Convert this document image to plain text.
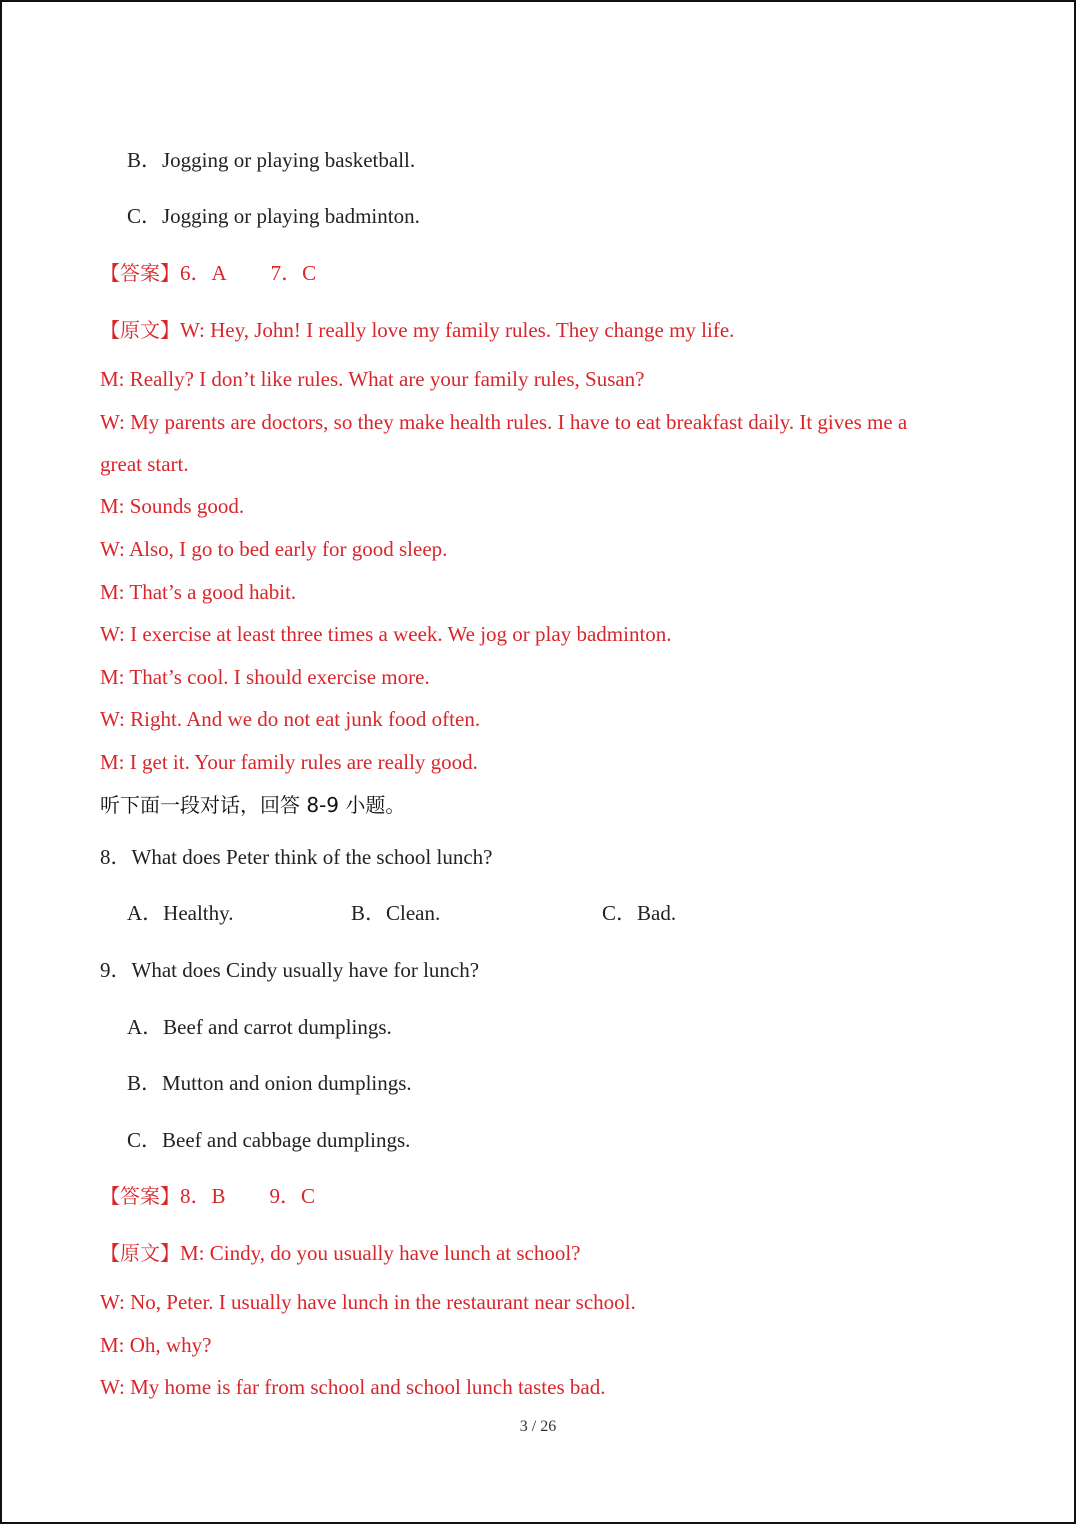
B．Jogging or playing basketball.
C．Jogging or playing badminton.
【答案】6．A 7．C
【原文】W: Hey, John! I really love my family rules. They change my life.
M: Really? I don’t like rules. What are your family rules, Susan?
W: My parents are doctors, so they make health rules. I have to eat breakfast daily. It gives me a
great start.
M: Sounds good.
W: Also, I go to bed early for good sleep.
M: That’s a good habit.
W: I exercise at least three times a week. We jog or play badminton.
M: That’s cool. I should exercise more.
W: Right. And we do not eat junk food often.
M: I get it. Your family rules are really good.
听下面一段对话，回答 8-9 小题。
8．What does Peter think of the school lunch?
A．Healthy.	B．Clean.	C．Bad.
9．What does Cindy usually have for lunch?
A．Beef and carrot dumplings.
B．Mutton and onion dumplings.
C．Beef and cabbage dumplings.
【答案】8．B 9．C
【原文】M: Cindy, do you usually have lunch at school?
W: No, Peter. I usually have lunch in the restaurant near school.
M: Oh, why?
W: My home is far from school and school lunch tastes bad.
3 / 26
